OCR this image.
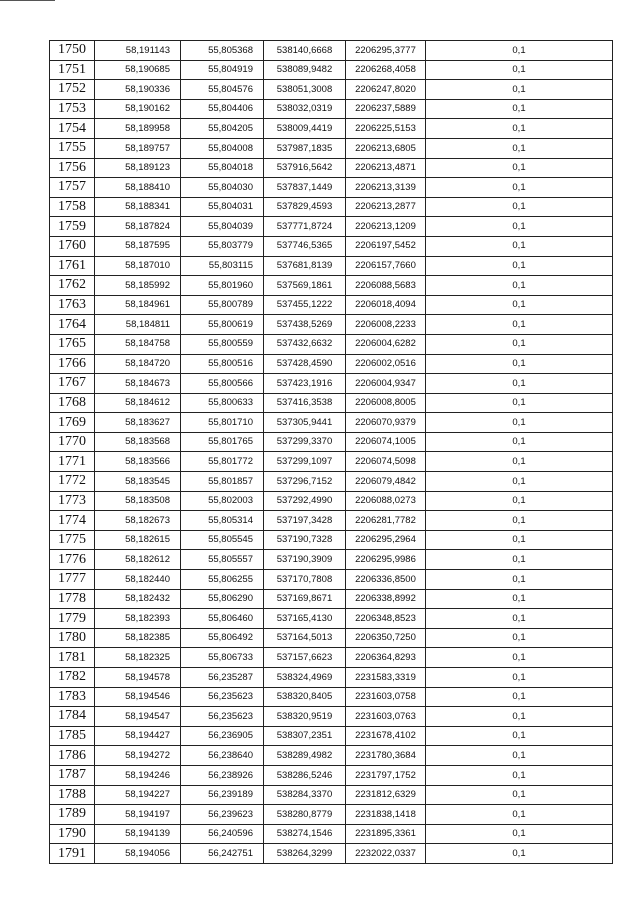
1750	58,191143	55,805368	538140,6668	2206295,3777	0,1
1751	58,190685	55,804919	538089,9482	2206268,4058	0,1
1752	58,190336	55,804576	538051,3008	2206247,8020	0,1
1753	58,190162	55,804406	538032,0319	2206237,5889	0,1
1754	58,189958	55,804205	538009,4419	2206225,5153	0,1
1755	58,189757	55,804008	537987,1835	2206213,6805	0,1
1756	58,189123	55,804018	537916,5642	2206213,4871	0,1
1757	58,188410	55,804030	537837,1449	2206213,3139	0,1
1758	58,188341	55,804031	537829,4593	2206213,2877	0,1
1759	58,187824	55,804039	537771,8724	2206213,1209	0,1
1760	58,187595	55,803779	537746,5365	2206197,5452	0,1
1761	58,187010	55,803115	537681,8139	2206157,7660	0,1
1762	58,185992	55,801960	537569,1861	2206088,5683	0,1
1763	58,184961	55,800789	537455,1222	2206018,4094	0,1
1764	58,184811	55,800619	537438,5269	2206008,2233	0,1
1765	58,184758	55,800559	537432,6632	2206004,6282	0,1
1766	58,184720	55,800516	537428,4590	2206002,0516	0,1
1767	58,184673	55,800566	537423,1916	2206004,9347	0,1
1768	58,184612	55,800633	537416,3538	2206008,8005	0,1
1769	58,183627	55,801710	537305,9441	2206070,9379	0,1
1770	58,183568	55,801765	537299,3370	2206074,1005	0,1
1771	58,183566	55,801772	537299,1097	2206074,5098	0,1
1772	58,183545	55,801857	537296,7152	2206079,4842	0,1
1773	58,183508	55,802003	537292,4990	2206088,0273	0,1
1774	58,182673	55,805314	537197,3428	2206281,7782	0,1
1775	58,182615	55,805545	537190,7328	2206295,2964	0,1
1776	58,182612	55,805557	537190,3909	2206295,9986	0,1
1777	58,182440	55,806255	537170,7808	2206336,8500	0,1
1778	58,182432	55,806290	537169,8671	2206338,8992	0,1
1779	58,182393	55,806460	537165,4130	2206348,8523	0,1
1780	58,182385	55,806492	537164,5013	2206350,7250	0,1
1781	58,182325	55,806733	537157,6623	2206364,8293	0,1
1782	58,194578	56,235287	538324,4969	2231583,3319	0,1
1783	58,194546	56,235623	538320,8405	2231603,0758	0,1
1784	58,194547	56,235623	538320,9519	2231603,0763	0,1
1785	58,194427	56,236905	538307,2351	2231678,4102	0,1
1786	58,194272	56,238640	538289,4982	2231780,3684	0,1
1787	58,194246	56,238926	538286,5246	2231797,1752	0,1
1788	58,194227	56,239189	538284,3370	2231812,6329	0,1
1789	58,194197	56,239623	538280,8779	2231838,1418	0,1
1790	58,194139	56,240596	538274,1546	2231895,3361	0,1
1791	58,194056	56,242751	538264,3299	2232022,0337	0,1
